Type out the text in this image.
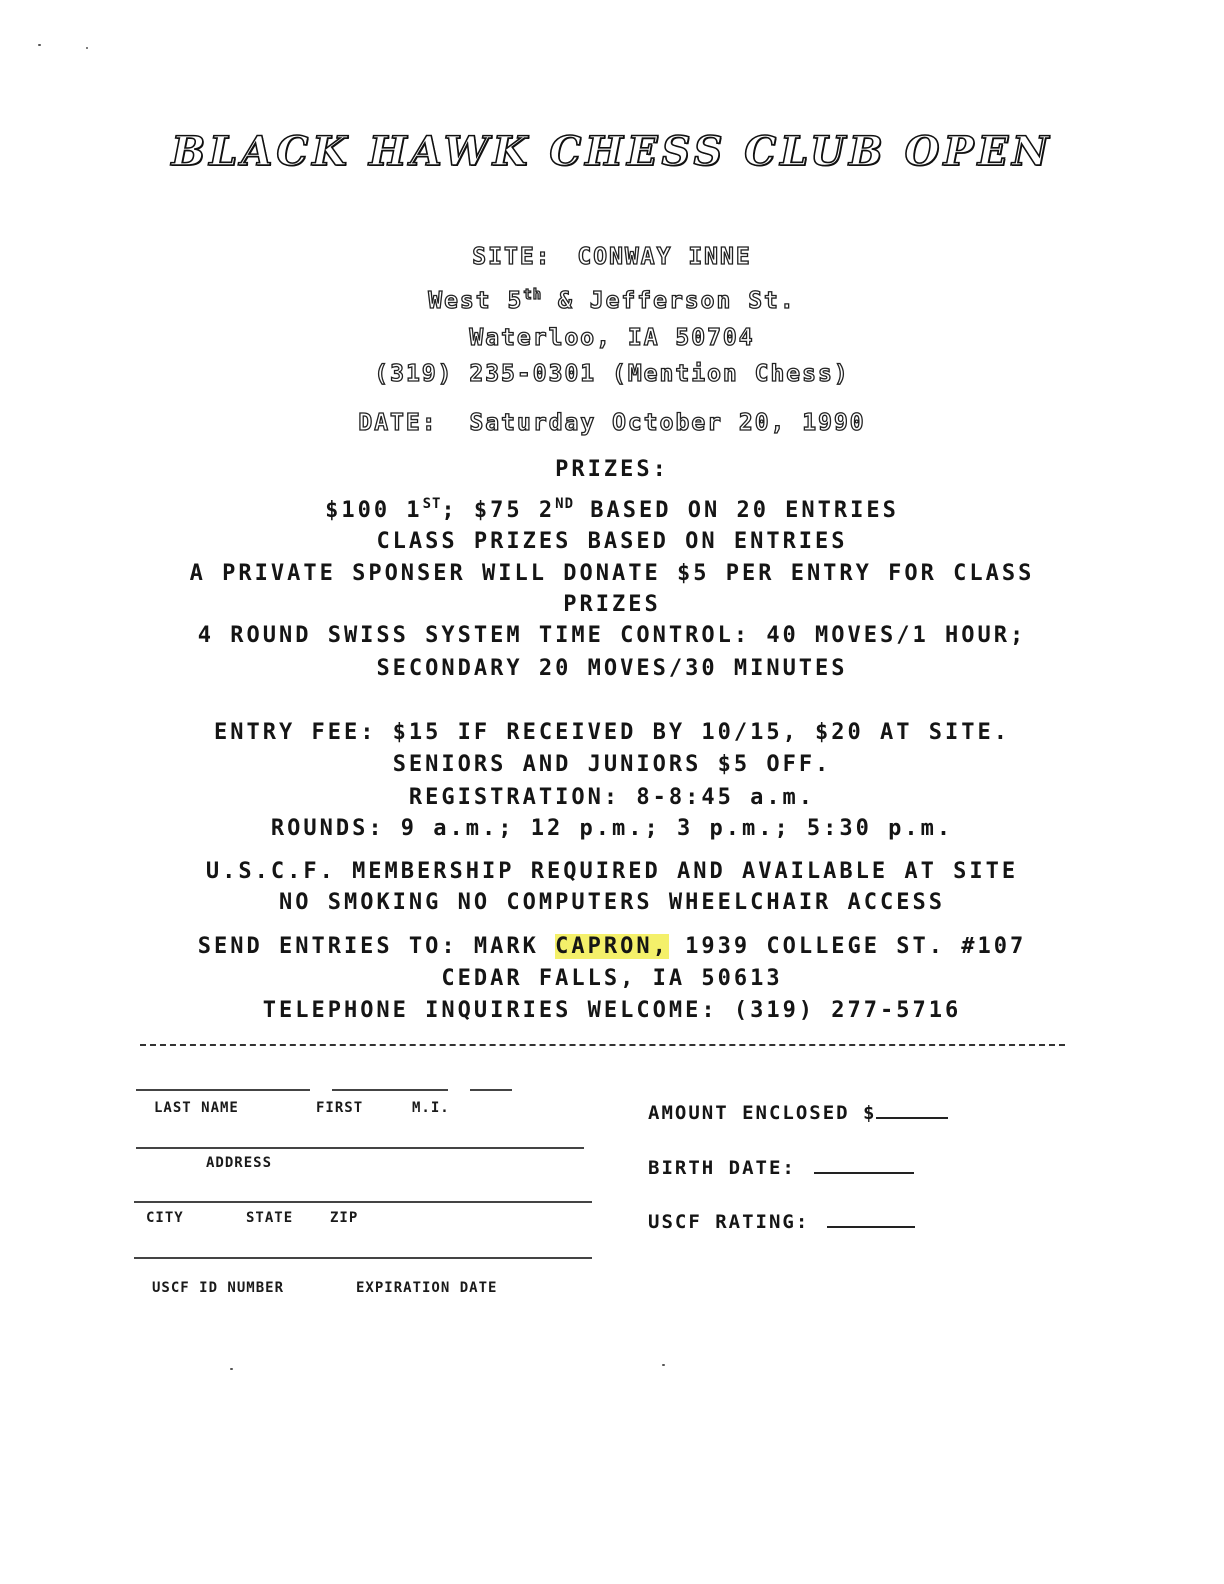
BLACK HAWK CHESS CLUB OPEN
SITE: CONWAY INNE
West 5th & Jefferson St.
Waterloo, IA 50704
(319) 235-0301 (Mention Chess)
DATE: Saturday October 20, 1990
PRIZES:
$100 1ST; $75 2ND BASED ON 20 ENTRIES
CLASS PRIZES BASED ON ENTRIES
A PRIVATE SPONSER WILL DONATE $5 PER ENTRY FOR CLASS
PRIZES
4 ROUND SWISS SYSTEM TIME CONTROL: 40 MOVES/1 HOUR;
SECONDARY 20 MOVES/30 MINUTES
ENTRY FEE: $15 IF RECEIVED BY 10/15, $20 AT SITE.
SENIORS AND JUNIORS $5 OFF.
REGISTRATION: 8-8:45 a.m.
ROUNDS: 9 a.m.; 12 p.m.; 3 p.m.; 5:30 p.m.
U.S.C.F. MEMBERSHIP REQUIRED AND AVAILABLE AT SITE
NO SMOKING NO COMPUTERS WHEELCHAIR ACCESS
SEND ENTRIES TO: MARK CAPRON, 1939 COLLEGE ST. #107
CEDAR FALLS, IA 50613
TELEPHONE INQUIRIES WELCOME: (319) 277-5716
LAST NAME	FIRST	M.I.
ADDRESS
CITY	STATE	ZIP
USCF ID NUMBER	EXPIRATION DATE
AMOUNT ENCLOSED $
BIRTH DATE:
USCF RATING:
